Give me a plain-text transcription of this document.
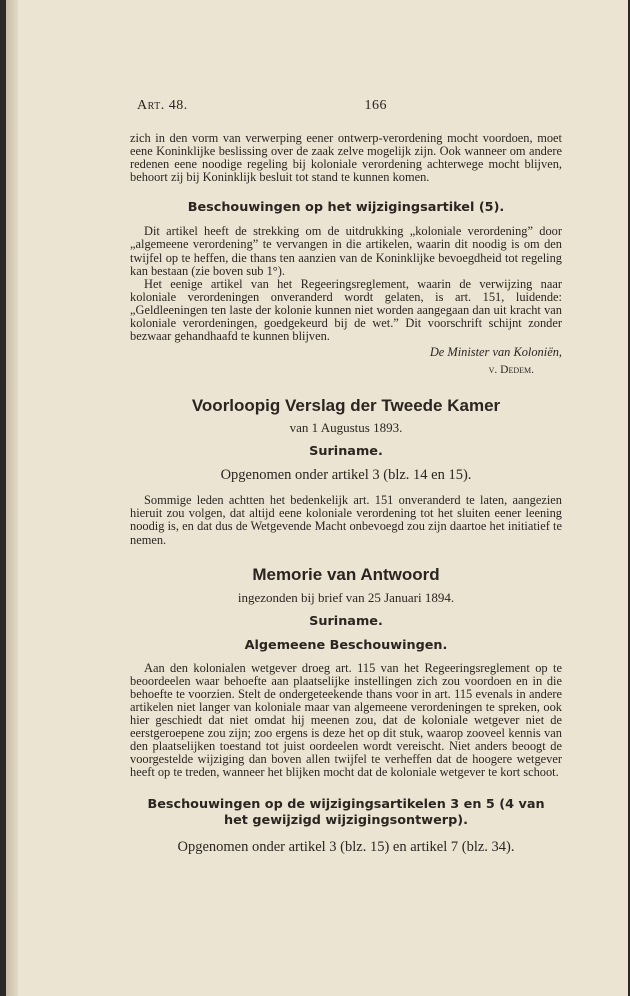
Art. 48.	166

zich in den vorm van verwerping eener ontwerp-verordening mocht voordoen, moet eene Koninklijke beslissing over de zaak zelve mogelijk zijn. Ook wanneer om andere redenen eene noodige regeling bij koloniale verordening achterwege mocht blijven, behoort zij bij Koninklijk besluit tot stand te kunnen komen.

Beschouwingen op het wijzigingsartikel (5).

Dit artikel heeft de strekking om de uitdrukking „koloniale verordening” door „algemeene verordening” te vervangen in die artikelen, waarin dit noodig is om den twijfel op te heffen, die thans ten aanzien van de Koninklijke bevoegdheid tot regeling kan bestaan (zie boven sub 1°).

Het eenige artikel van het Regeeringsreglement, waarin de verwijzing naar koloniale verordeningen onveranderd wordt gelaten, is art. 151, luidende: „Geldleeningen ten laste der kolonie kunnen niet worden aangegaan dan uit kracht van koloniale verordeningen, goedgekeurd bij de wet.” Dit voorschrift schijnt zonder bezwaar gehandhaafd te kunnen blijven.

De Minister van Koloniën,
v. Dedem.
Voorloopig Verslag der Tweede Kamer
van 1 Augustus 1893.
Suriname.
Opgenomen onder artikel 3 (blz. 14 en 15).

Sommige leden achtten het bedenkelijk art. 151 onveranderd te laten, aangezien hieruit zou volgen, dat altijd eene koloniale verordening tot het sluiten eener leening noodig is, en dat dus de Wetgevende Macht onbevoegd zou zijn daartoe het initiatief te nemen.

Memorie van Antwoord
ingezonden bij brief van 25 Januari 1894.
Suriname.
Algemeene Beschouwingen.

Aan den kolonialen wetgever droeg art. 115 van het Regeeringsreglement op te beoordeelen waar behoefte aan plaatselijke instellingen zich zou voordoen en in die behoefte te voorzien. Stelt de ondergeteekende thans voor in art. 115 evenals in andere artikelen niet langer van koloniale maar van algemeene verordeningen te spreken, ook hier geschiedt dat niet omdat hij meenen zou, dat de koloniale wetgever niet de eerstgeroepene zou zijn; zoo ergens is deze het op dit stuk, waarop zooveel kennis van den plaatselijken toestand tot juist oordeelen wordt vereischt. Niet anders beoogt de voorgestelde wijziging dan boven allen twijfel te verheffen dat de hoogere wetgever heeft op te treden, wanneer het blijken mocht dat de koloniale wetgever te kort schoot.

Beschouwingen op de wijzigingsartikelen 3 en 5 (4 van het gewijzigd wijzigingsontwerp).
Opgenomen onder artikel 3 (blz. 15) en artikel 7 (blz. 34).
